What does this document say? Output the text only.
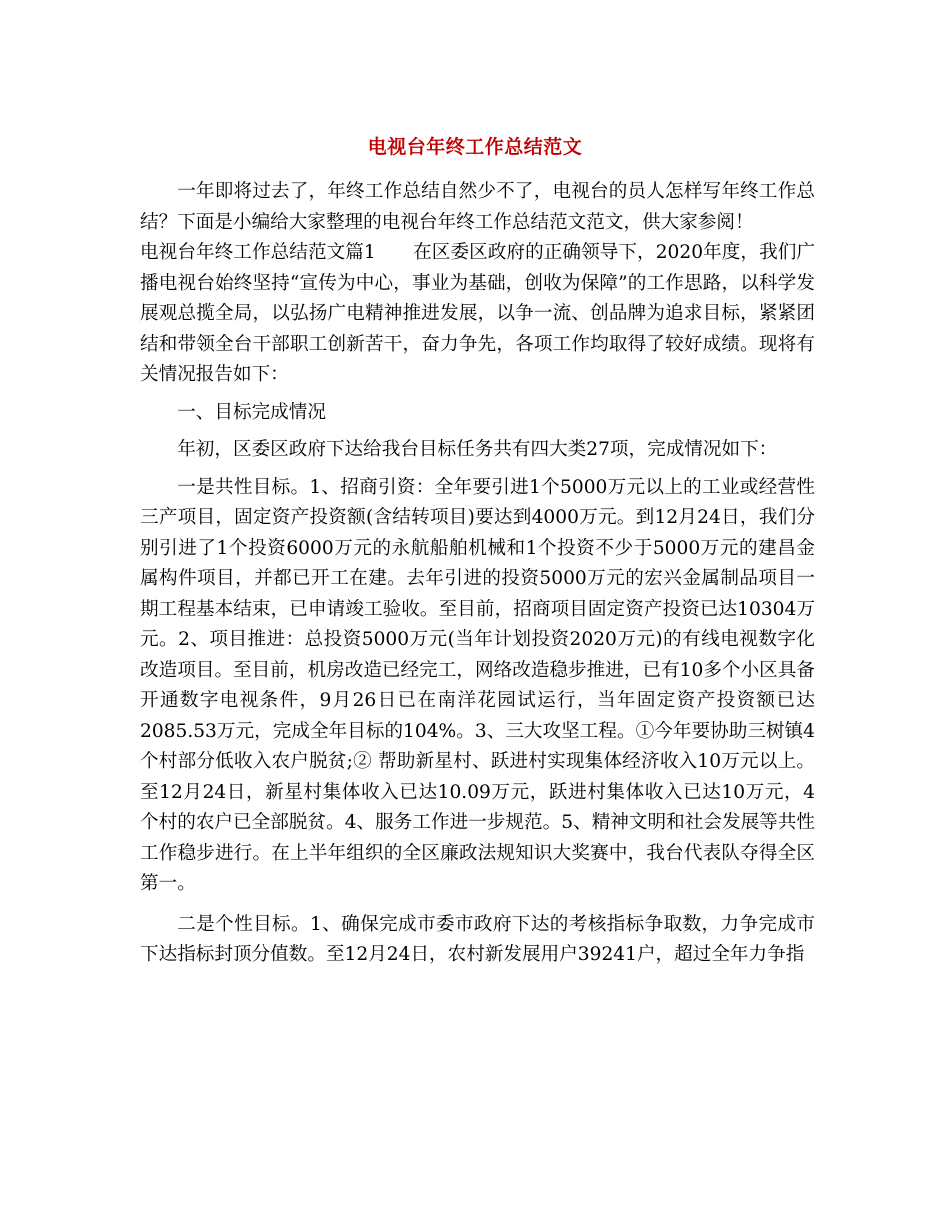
电视台年终工作总结范文

一年即将过去了，年终工作总结自然少不了，电视台的员人怎样写年终工作总结？下面是小编给大家整理的电视台年终工作总结范文范文，供大家参阅！

电视台年终工作总结范文篇1　　在区委区政府的正确领导下，2020年度，我们广播电视台始终坚持“宣传为中心，事业为基础，创收为保障”的工作思路，以科学发展观总揽全局，以弘扬广电精神推进发展，以争一流、创品牌为追求目标，紧紧团结和带领全台干部职工创新苦干，奋力争先，各项工作均取得了较好成绩。现将有关情况报告如下：

一、目标完成情况

年初，区委区政府下达给我台目标任务共有四大类27项，完成情况如下：

一是共性目标。1、招商引资：全年要引进1个5000万元以上的工业或经营性三产项目，固定资产投资额(含结转项目)要达到4000万元。到12月24日，我们分别引进了1个投资6000万元的永航船舶机械和1个投资不少于5000万元的建昌金属构件项目，并都已开工在建。去年引进的投资5000万元的宏兴金属制品项目一期工程基本结束，已申请竣工验收。至目前，招商项目固定资产投资已达10304万元。2、项目推进：总投资5000万元(当年计划投资2020万元)的有线电视数字化改造项目。至目前，机房改造已经完工，网络改造稳步推进，已有10多个小区具备开通数字电视条件，9月26日已在南洋花园试运行，当年固定资产投资额已达2085.53万元，完成全年目标的104%。3、三大攻坚工程。①今年要协助三树镇4个村部分低收入农户脱贫;② 帮助新星村、跃进村实现集体经济收入10万元以上。至12月24日，新星村集体收入已达10.09万元，跃进村集体收入已达10万元，4个村的农户已全部脱贫。4、服务工作进一步规范。5、精神文明和社会发展等共性工作稳步进行。在上半年组织的全区廉政法规知识大奖赛中，我台代表队夺得全区第一。

二是个性目标。1、确保完成市委市政府下达的考核指标争取数，力争完成市下达指标封顶分值数。至12月24日，农村新发展用户39241户，超过全年力争指
